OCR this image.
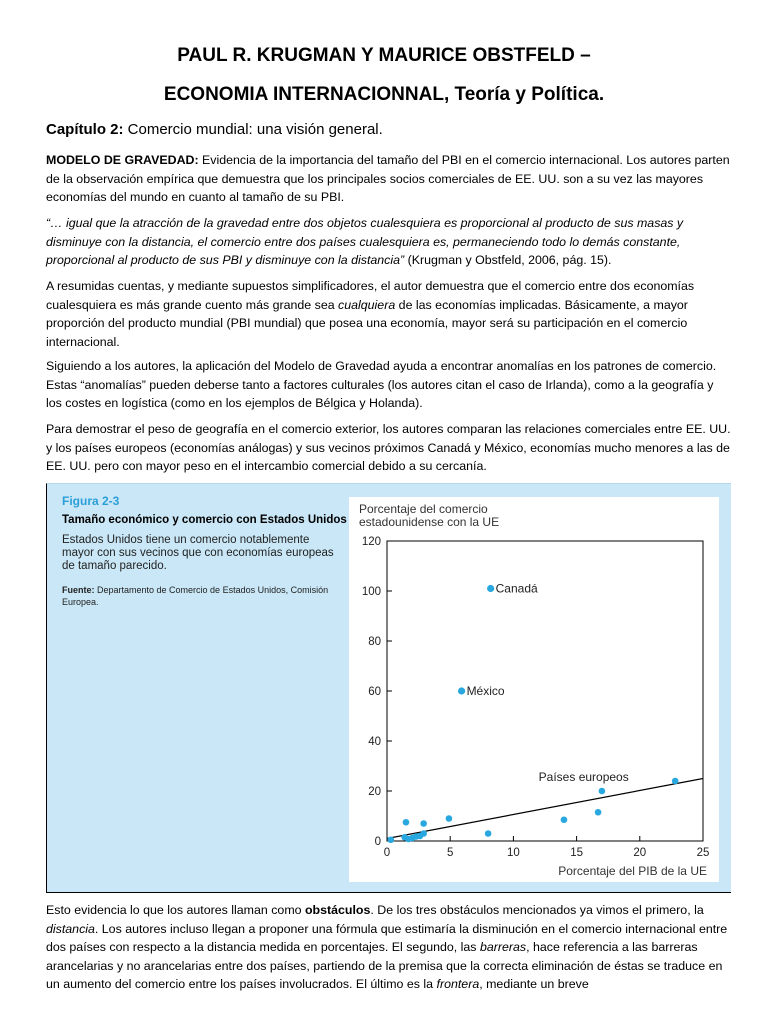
PAUL R. KRUGMAN Y MAURICE OBSTFELD –
ECONOMIA INTERNACIONNAL, Teoría y Política.
Capítulo 2: Comercio mundial: una visión general.
MODELO DE GRAVEDAD: Evidencia de la importancia del tamaño del PBI en el comercio internacional. Los autores parten de la observación empírica que demuestra que los principales socios comerciales de EE. UU. son a su vez las mayores economías del mundo en cuanto al tamaño de su PBI.
“… igual que la atracción de la gravedad entre dos objetos cualesquiera es proporcional al producto de sus masas y disminuye con la distancia, el comercio entre dos países cualesquiera es, permaneciendo todo lo demás constante, proporcional al producto de sus PBI y disminuye con la distancia” (Krugman y Obstfeld, 2006, pág. 15).
A resumidas cuentas, y mediante supuestos simplificadores, el autor demuestra que el comercio entre dos economías cualesquiera es más grande cuento más grande sea cualquiera de las economías implicadas. Básicamente, a mayor proporción del producto mundial (PBI mundial) que posea una economía, mayor será su participación en el comercio internacional.
Siguiendo a los autores, la aplicación del Modelo de Gravedad ayuda a encontrar anomalías en los patrones de comercio. Estas “anomalías” pueden deberse tanto a factores culturales (los autores citan el caso de Irlanda), como a la geografía y los costes en logística (como en los ejemplos de Bélgica y Holanda).
Para demostrar el peso de geografía en el comercio exterior, los autores comparan las relaciones comerciales entre EE. UU. y los países europeos (economías análogas) y sus vecinos próximos Canadá y México, economías mucho menores a las de EE. UU. pero con mayor peso en el intercambio comercial debido a su cercanía.
Figura 2-3
Tamaño económico y comercio con Estados Unidos
Estados Unidos tiene un comercio notablemente mayor con sus vecinos que con economías europeas de tamaño parecido.
Fuente: Departamento de Comercio de Estados Unidos, Comisión Europea.
Porcentaje del comercio
estadounidense con la UE
Porcentaje del PIB de la UE
0
20
40
60
80
100
120
0	5	10	15	20	25
Países europeos
Canadá
México
Esto evidencia lo que los autores llaman como obstáculos. De los tres obstáculos mencionados ya vimos el primero, la distancia. Los autores incluso llegan a proponer una fórmula que estimaría la disminución en el comercio internacional entre dos países con respecto a la distancia medida en porcentajes. El segundo, las barreras, hace referencia a las barreras arancelarias y no arancelarias entre dos países, partiendo de la premisa que la correcta eliminación de éstas se traduce en un aumento del comercio entre los países involucrados. El último es la frontera, mediante un breve
